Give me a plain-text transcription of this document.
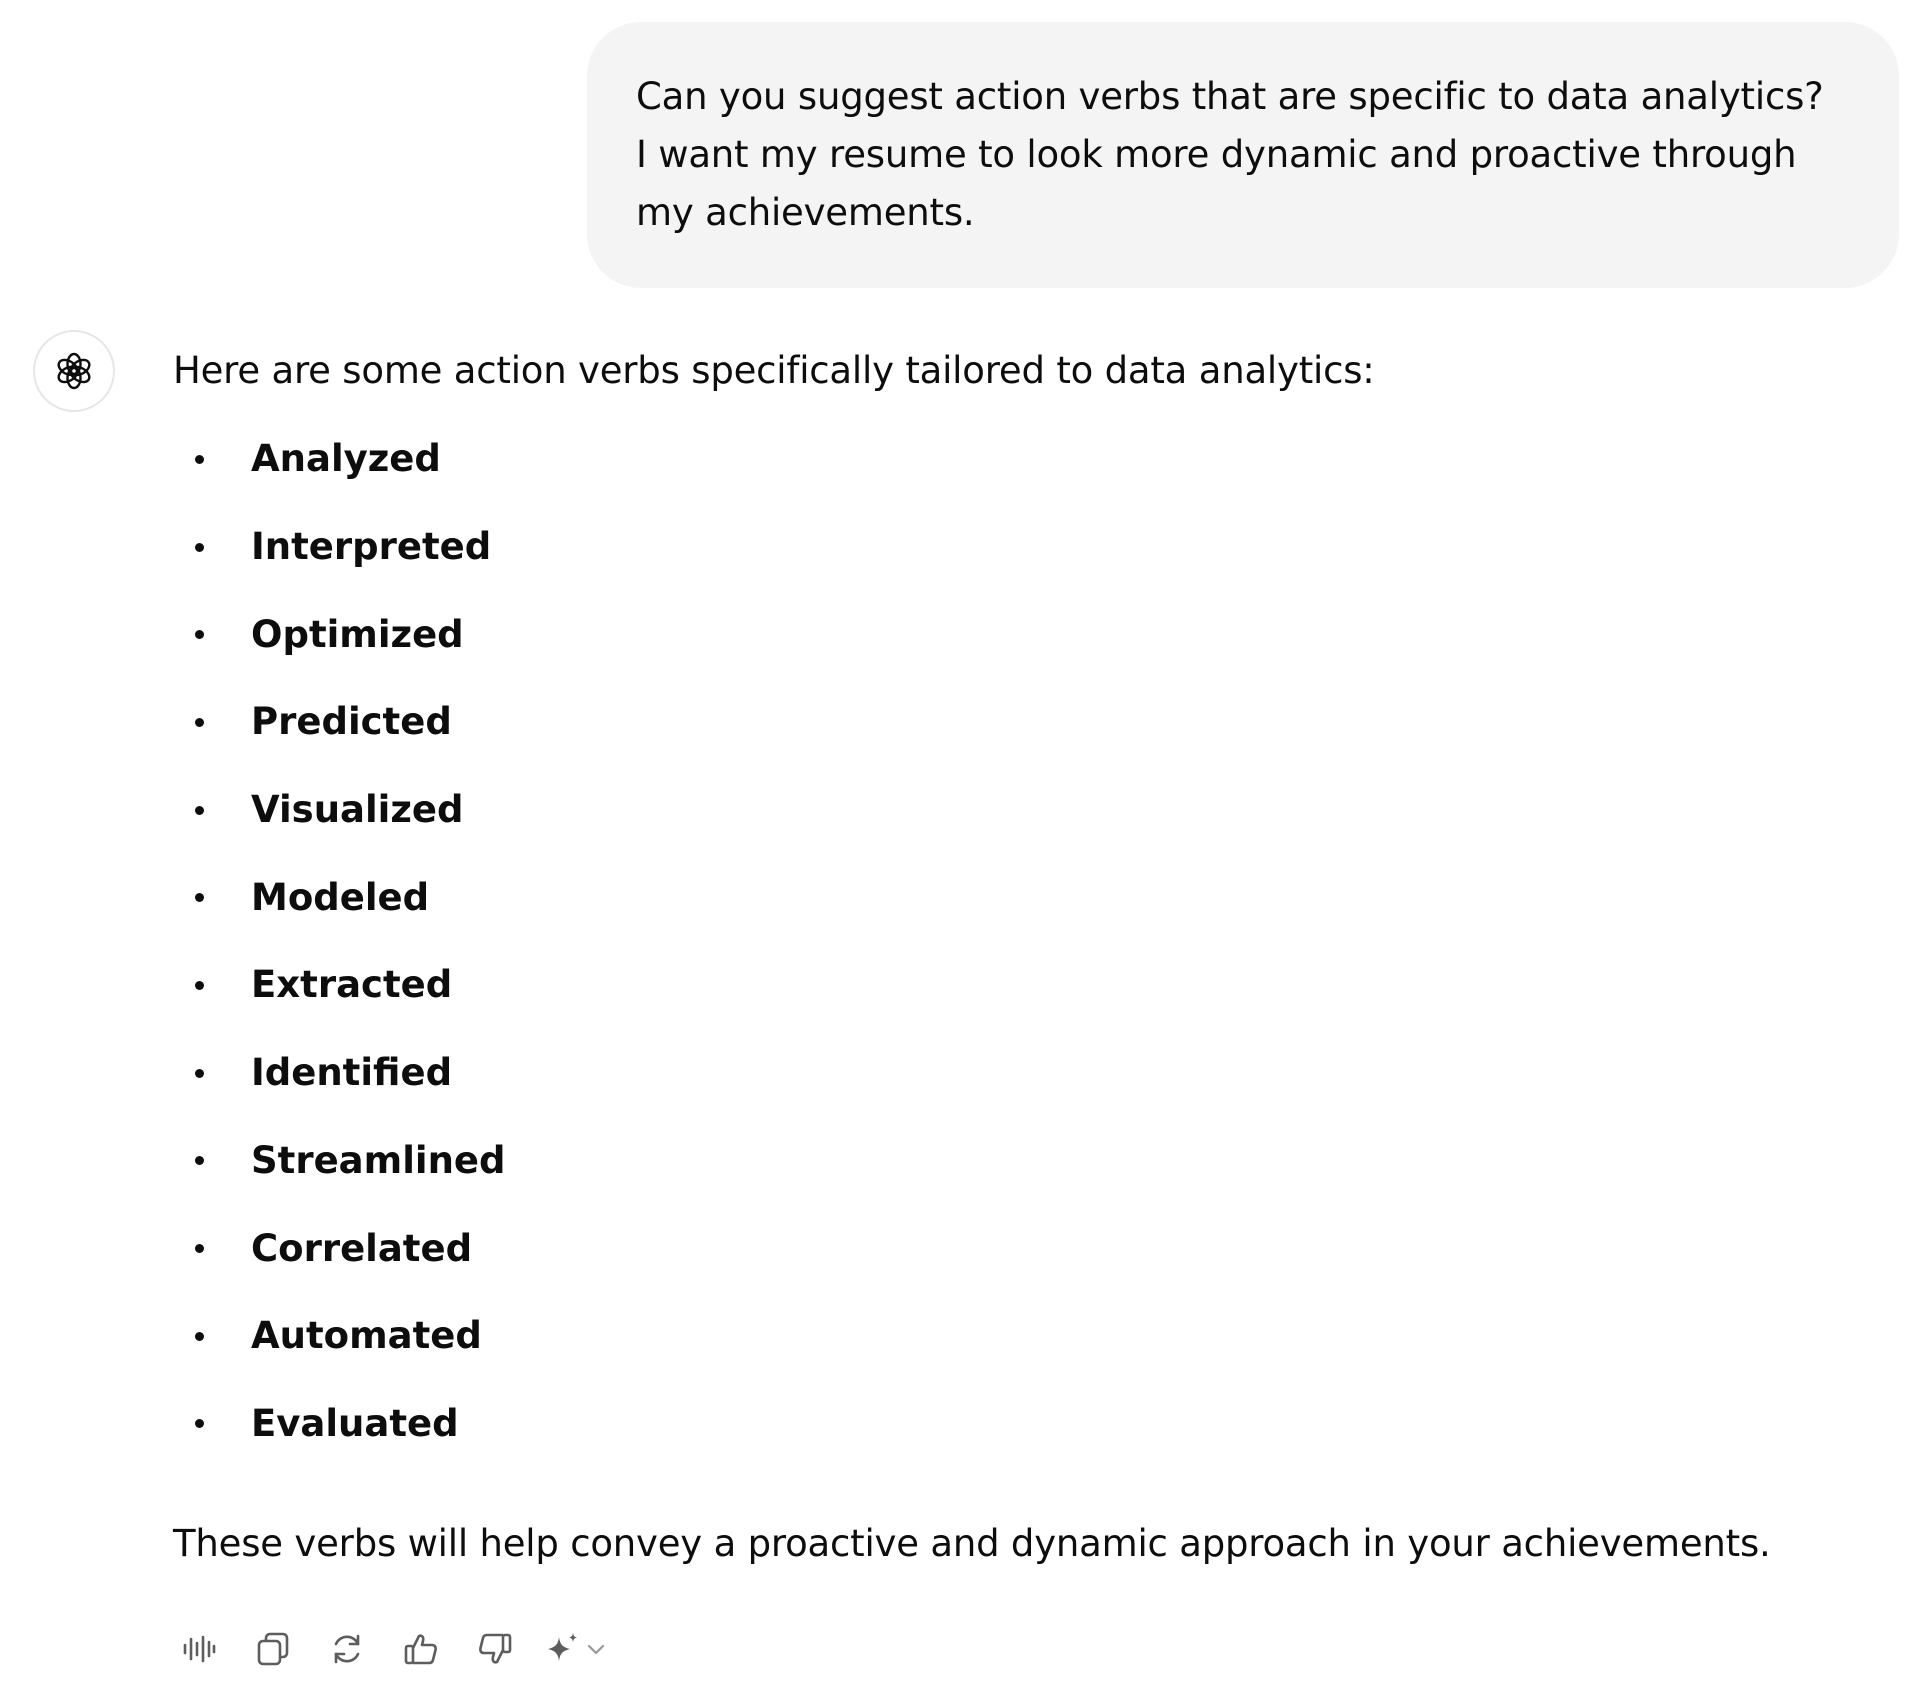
Can you suggest action verbs that are specific to data analytics? I want my resume to look more dynamic and proactive through my achievements.

Here are some action verbs specifically tailored to data analytics:

Analyzed
Interpreted
Optimized
Predicted
Visualized
Modeled
Extracted
Identified
Streamlined
Correlated
Automated
Evaluated

These verbs will help convey a proactive and dynamic approach in your achievements.
